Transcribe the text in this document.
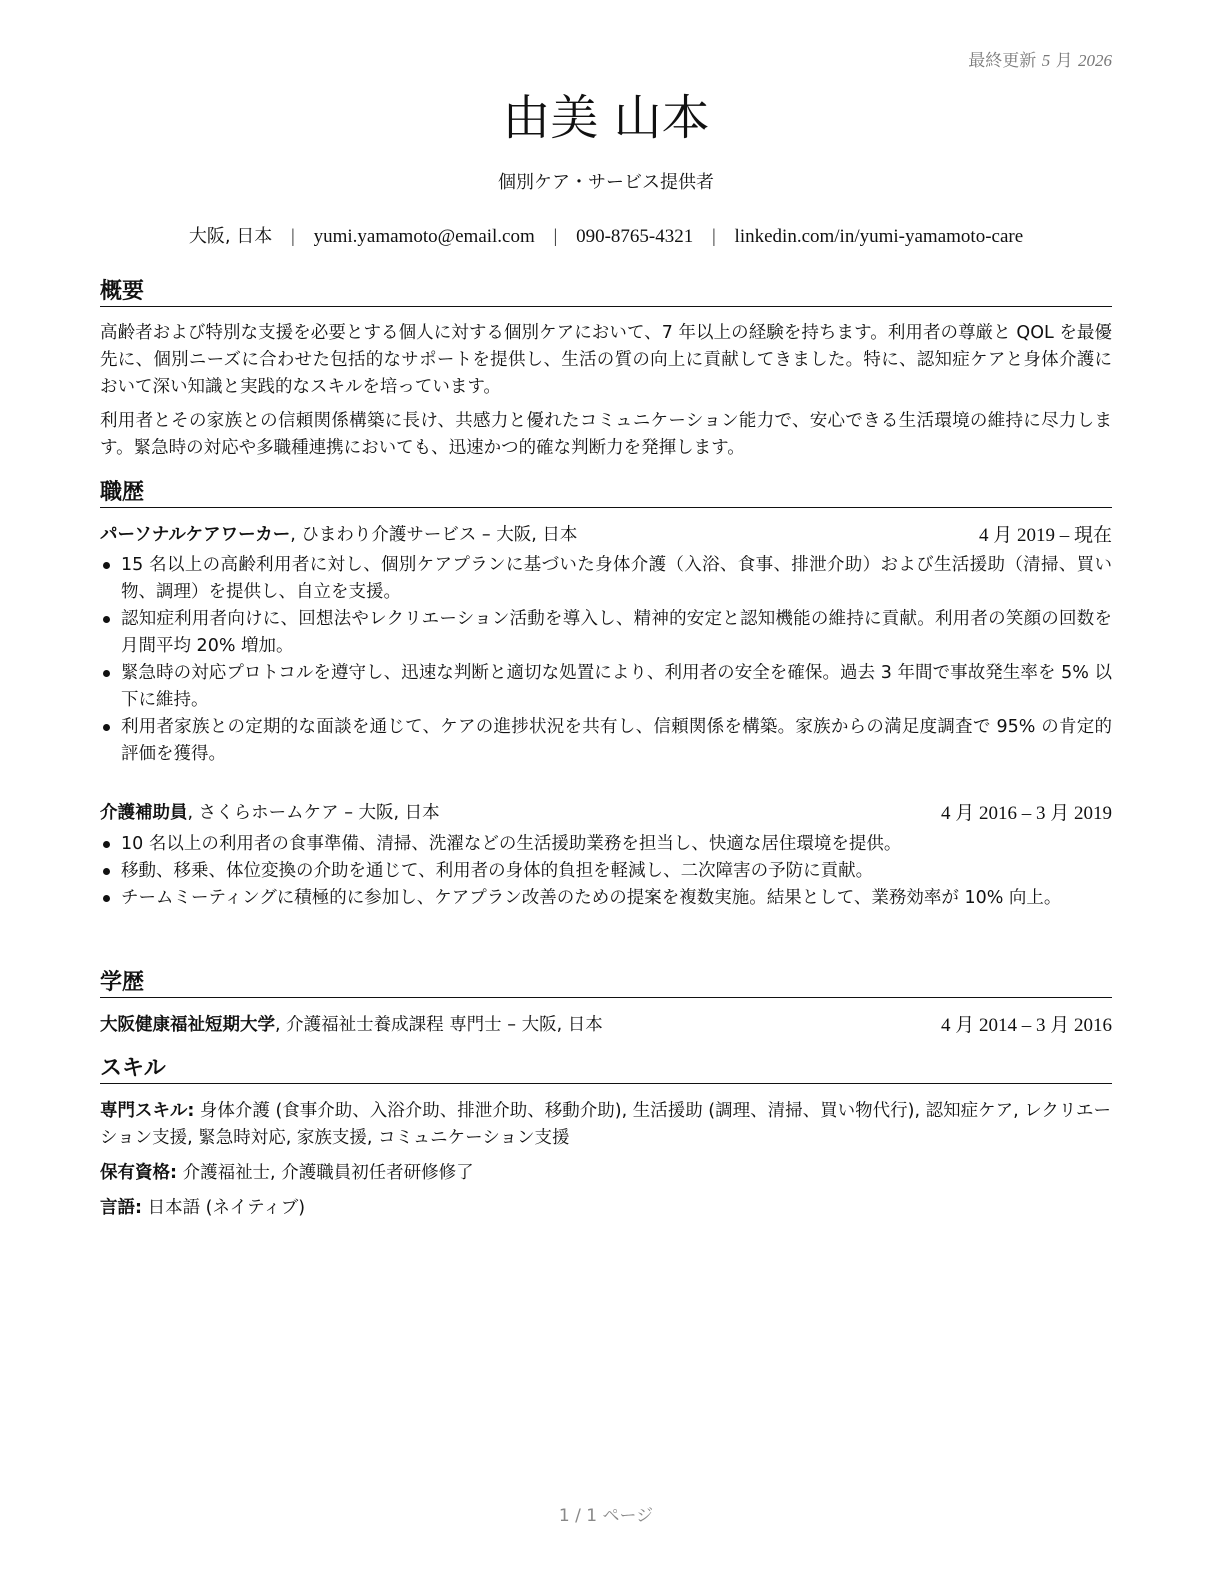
最終更新 5 月 2026
由美 山本
個別ケア・サービス提供者
大阪, 日本 | yumi.yamamoto@email.com | 090-8765-4321 | linkedin.com/in/yumi-yamamoto-care
概要
高齢者および特別な支援を必要とする個人に対する個別ケアにおいて、7 年以上の経験を持ちます。利用者の尊厳と QOL を最優先に、個別ニーズに合わせた包括的なサポートを提供し、生活の質の向上に貢献してきました。特に、認知症ケアと身体介護において深い知識と実践的なスキルを培っています。
利用者とその家族との信頼関係構築に長け、共感力と優れたコミュニケーション能力で、安心できる生活環境の維持に尽力します。緊急時の対応や多職種連携においても、迅速かつ的確な判断力を発揮します。
職歴
パーソナルケアワーカー, ひまわり介護サービス – 大阪, 日本	4 月 2019 – 現在
15 名以上の高齢利用者に対し、個別ケアプランに基づいた身体介護（入浴、食事、排泄介助）および生活援助（清掃、買い物、調理）を提供し、自立を支援。
認知症利用者向けに、回想法やレクリエーション活動を導入し、精神的安定と認知機能の維持に貢献。利用者の笑顔の回数を月間平均 20% 増加。
緊急時の対応プロトコルを遵守し、迅速な判断と適切な処置により、利用者の安全を確保。過去 3 年間で事故発生率を 5% 以下に維持。
利用者家族との定期的な面談を通じて、ケアの進捗状況を共有し、信頼関係を構築。家族からの満足度調査で 95% の肯定的評価を獲得。
介護補助員, さくらホームケア – 大阪, 日本	4 月 2016 – 3 月 2019
10 名以上の利用者の食事準備、清掃、洗濯などの生活援助業務を担当し、快適な居住環境を提供。
移動、移乗、体位変換の介助を通じて、利用者の身体的負担を軽減し、二次障害の予防に貢献。
チームミーティングに積極的に参加し、ケアプラン改善のための提案を複数実施。結果として、業務効率が 10% 向上。
学歴
大阪健康福祉短期大学, 介護福祉士養成課程 専門士 – 大阪, 日本	4 月 2014 – 3 月 2016
スキル
専門スキル: 身体介護 (食事介助、入浴介助、排泄介助、移動介助), 生活援助 (調理、清掃、買い物代行), 認知症ケア, レクリエーション支援, 緊急時対応, 家族支援, コミュニケーション支援
保有資格: 介護福祉士, 介護職員初任者研修修了
言語: 日本語 (ネイティブ)
1 / 1 ページ
